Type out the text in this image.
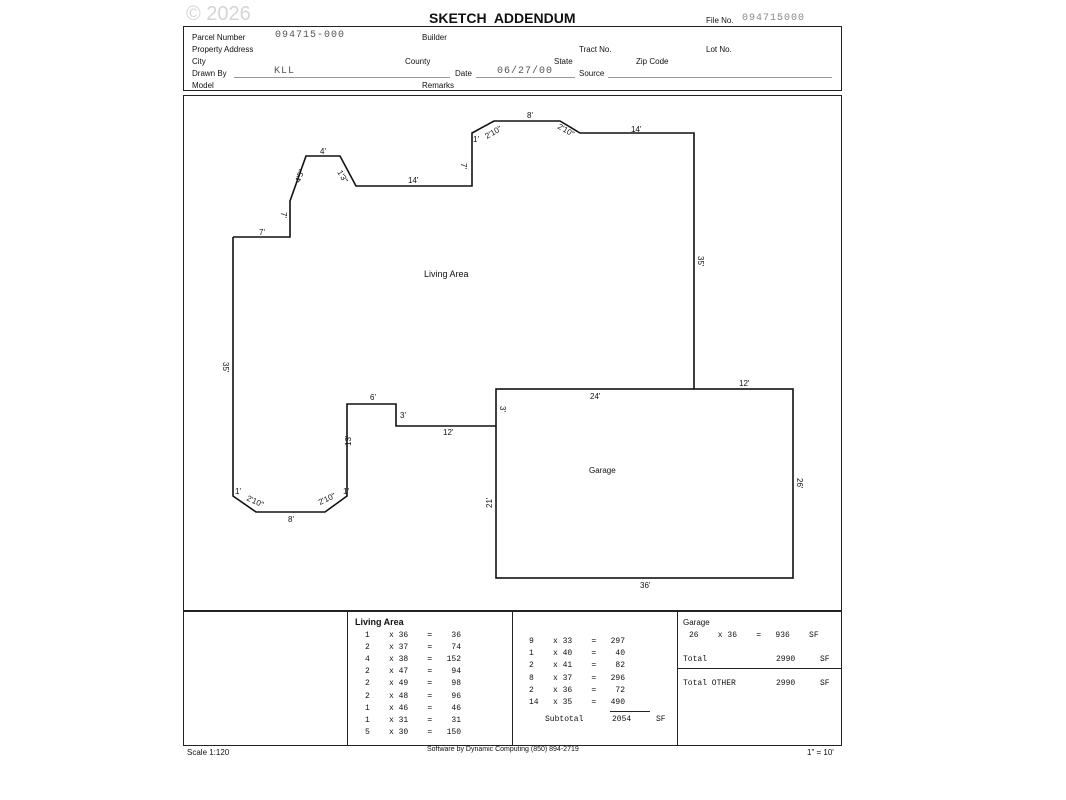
© 2026	SKETCH  ADDENDUM	File No. 094715000
Parcel Number	094715-000	Builder
Property Address	Tract No.	Lot No.
City	County	State	Zip Code
Drawn By	KLL	Date	06/27/00	Source
Model	Remarks
4'
4'5"	1'3"	14'
7'
1' 2'10"
8'
2'10"	14'
35'
7'
7'
35'
6'
3'
12'
13'
1'
2'10"
8'
2'10" 1'
24'
12'
3'
26'
21'
36'
Living Area
Garage
Living Area
1    x 36    =    36
2    x 37    =    74
4    x 38    =   152
2    x 47    =    94
2    x 49    =    98
2    x 48    =    96
1    x 46    =    46
1    x 31    =    31
5    x 30    =   150
9    x 33    =   297
1    x 40    =    40
2    x 41    =    82
8    x 37    =   296
2    x 36    =    72
14   x 35    =   490
Subtotal	2054	SF
Garage
26    x 36    =   936    SF
Total	2990	SF
Total OTHER	2990	SF
Scale 1:120	Software by Dynamic Computing (850) 894-2719	1" = 10'
